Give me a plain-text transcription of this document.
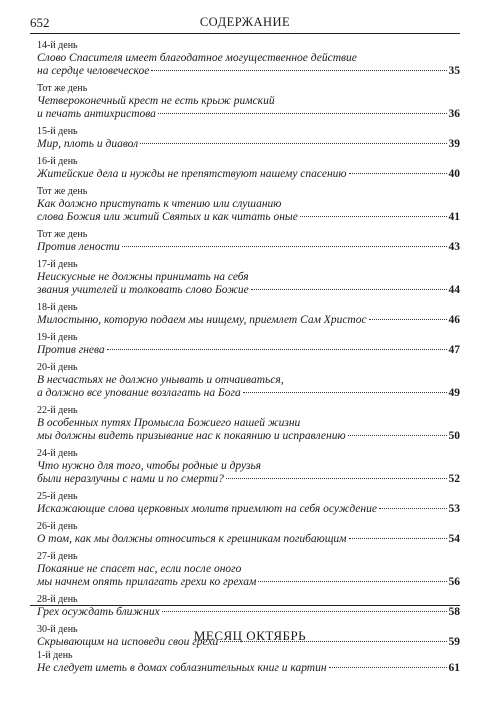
652	СОДЕРЖАНИЕ
14-й день
Слово Спасителя имеет благодатное могущественное действие
на сердце человеческое	35
Тот же день
Четвероконечный крест не есть крыж римский
и печать антихристова	36
15-й день
Мир, плоть и диавол	39
16-й день
Житейские дела и нужды не препятствуют нашему спасению	40
Тот же день
Как должно приступать к чтению или слушанию
слова Божия или житий Святых и как читать оные	41
Тот же день
Против лености	43
17-й день
Неискусные не должны принимать на себя
звания учителей и толковать слово Божие	44
18-й день
Милостыню, которую подаем мы нищему, приемлет Сам Христос	46
19-й день
Против гнева	47
20-й день
В несчастьях не должно унывать и отчаиваться,
а должно все упование возлагать на Бога	49
22-й день
В особенных путях Промысла Божиего нашей жизни
мы должны видеть призывание нас к покаянию и исправлению	50
24-й день
Что нужно для того, чтобы родные и друзья
были неразлучны с нами и по смерти?	52
25-й день
Искажающие слова церковных молитв приемлют на себя осуждение	53
26-й день
О том, как мы должны относиться к грешникам погибающим	54
27-й день
Покаяние не спасет нас, если после оного
мы начнем опять прилагать грехи ко грехам	56
28-й день
Грех осуждать ближних	58
30-й день
Скрывающим на исповеди свои грехи	59
МЕСЯЦ ОКТЯБРЬ
1-й день
Не следует иметь в домах соблазнительных книг и картин	61
